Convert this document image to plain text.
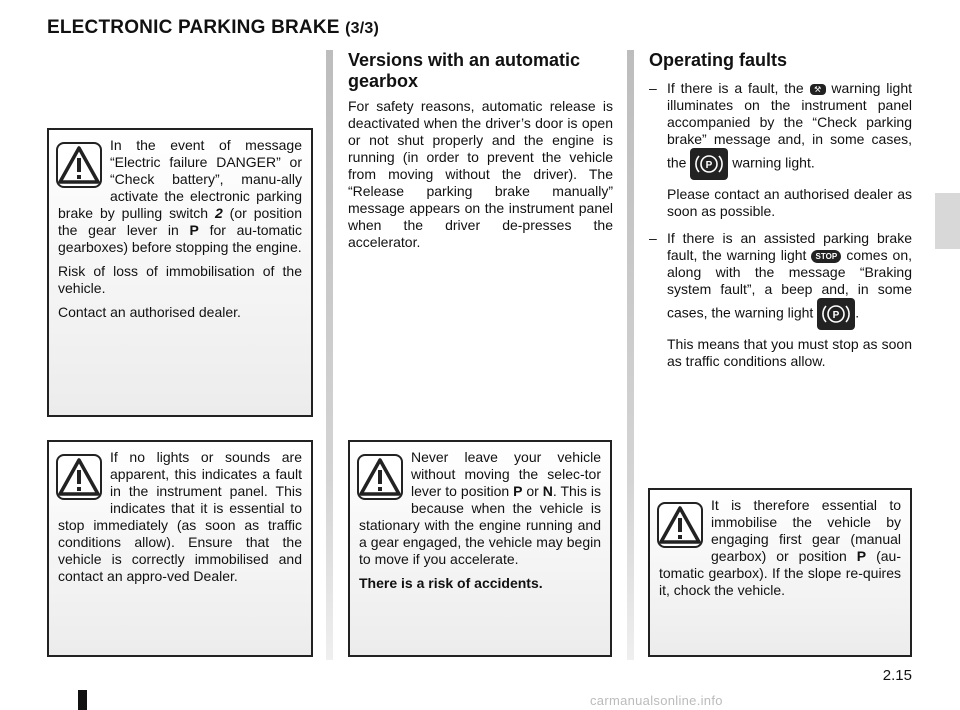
ELECTRONIC PARKING BRAKE (3/3)

In the event of message “Electric failure DANGER” or “Check battery”, manu-ally activate the electronic parking brake by pulling switch 2 (or position the gear lever in P for au-tomatic gearboxes) before stopping the engine.

Risk of loss of immobilisation of the vehicle.

Contact an authorised dealer.

If no lights or sounds are apparent, this indicates a fault in the instrument panel. This indicates that it is essential to stop immediately (as soon as traffic conditions allow). Ensure that the vehicle is correctly immobilised and contact an appro-ved Dealer.

Versions with an automatic gearbox
For safety reasons, automatic release is deactivated when the driver’s door is open or not shut properly and the engine is running (in order to prevent the vehicle from moving without the driver). The “Release parking brake manually” message appears on the instrument panel when the driver de-presses the accelerator.

Never leave your vehicle without moving the selec-tor lever to position P or N. This is because when the vehicle is stationary with the engine running and a gear engaged, the vehicle may begin to move if you accelerate.

There is a risk of accidents.

Operating faults
– If there is a fault, the ⚒ warning light illuminates on the instrument panel accompanied by the “Check parking brake” message and, in some cases, the P warning light.

Please contact an authorised dealer as soon as possible.

– If there is an assisted parking brake fault, the warning light STOP comes on, along with the message “Braking system fault”, a beep and, in some cases, the warning light P .

This means that you must stop as soon as traffic conditions allow.

It is therefore essential to immobilise the vehicle by engaging first gear (manual gearbox) or position P (au-tomatic gearbox). If the slope re-quires it, chock the vehicle.

2.15
carmanualsonline.info
